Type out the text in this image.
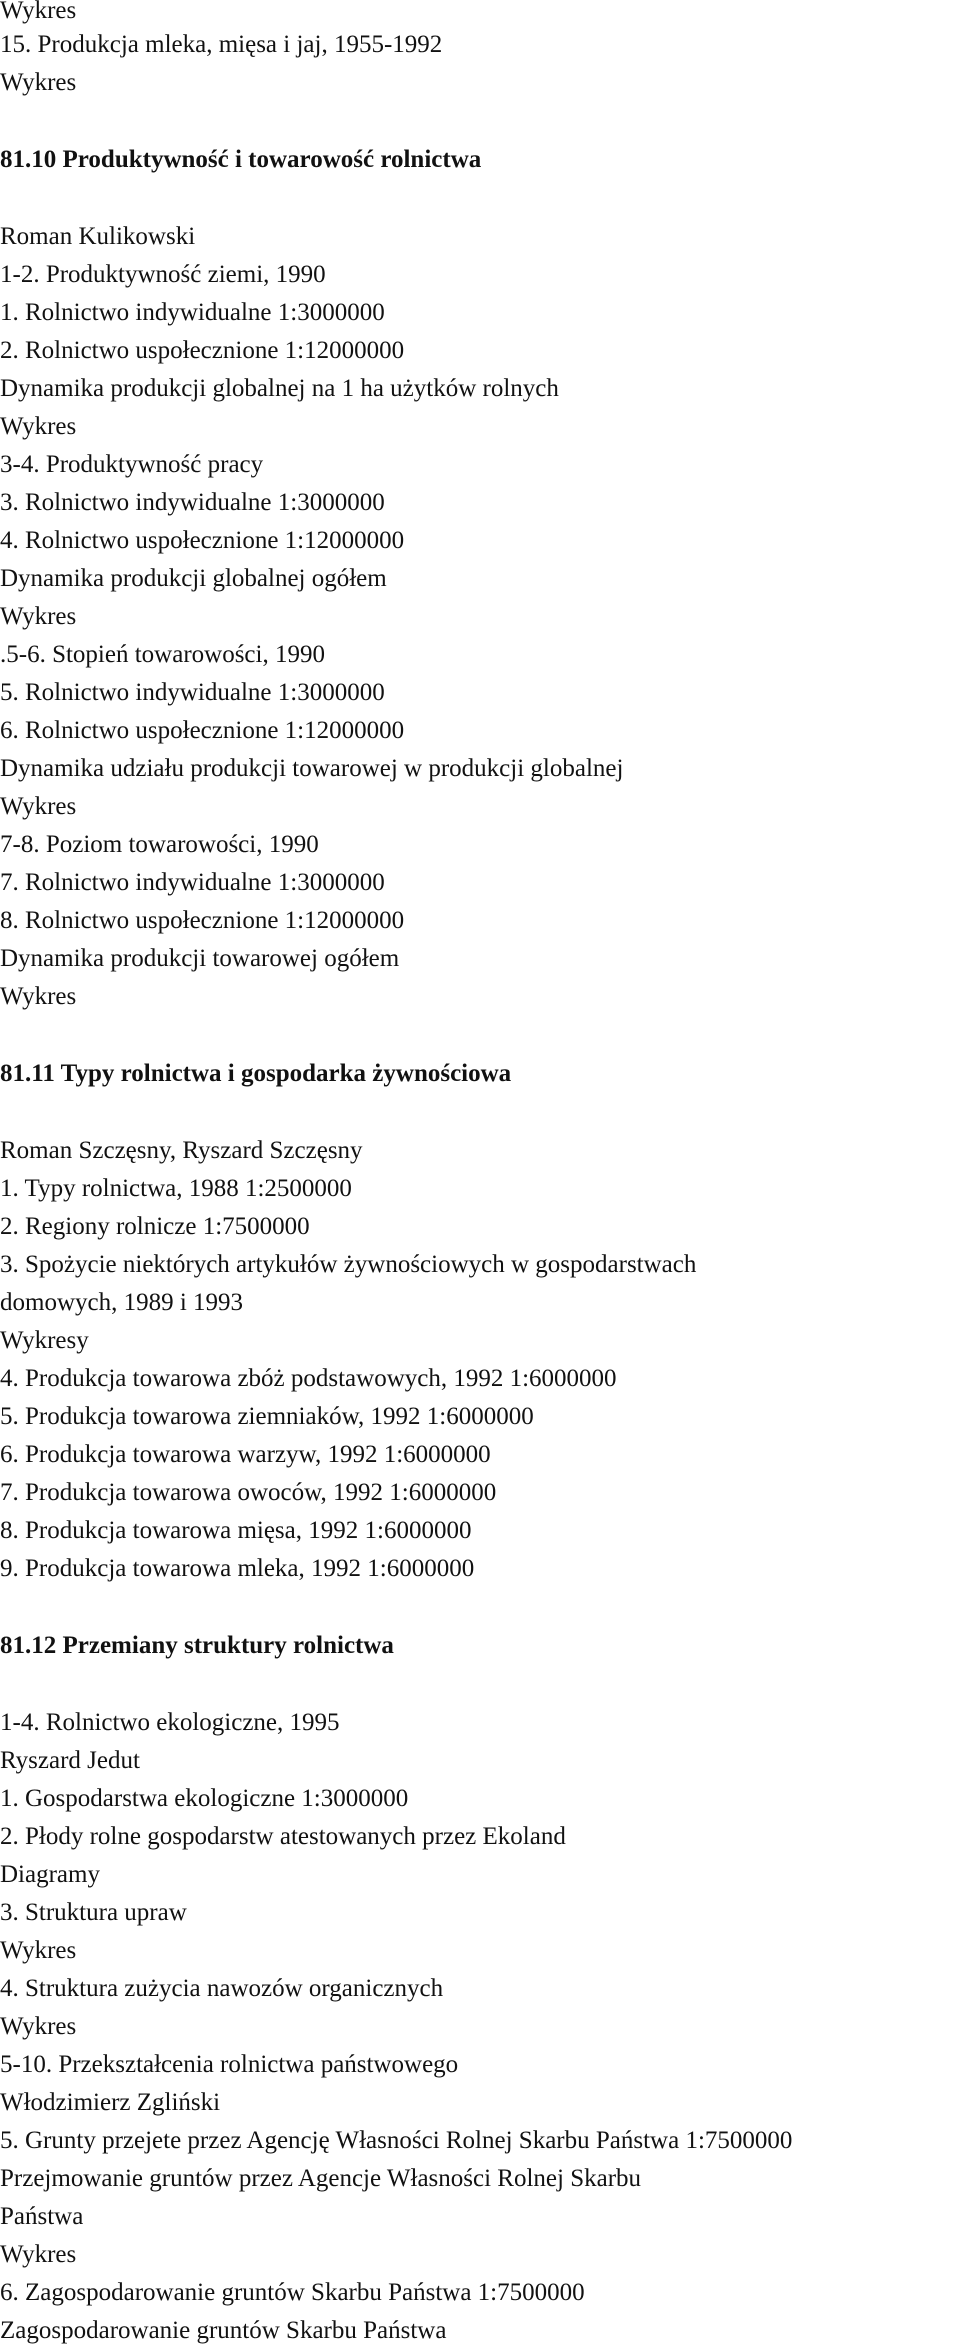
Wykres
15. Produkcja mleka, mięsa i jaj, 1955-1992
Wykres
81.10 Produktywność i towarowość rolnictwa
Roman Kulikowski
1-2. Produktywność ziemi, 1990
1. Rolnictwo indywidualne 1:3000000
2. Rolnictwo uspołecznione 1:12000000
Dynamika produkcji globalnej na 1 ha użytków rolnych
Wykres
3-4. Produktywność pracy
3. Rolnictwo indywidualne 1:3000000
4. Rolnictwo uspołecznione 1:12000000
Dynamika produkcji globalnej ogółem
Wykres
.5-6. Stopień towarowości, 1990
5. Rolnictwo indywidualne 1:3000000
6. Rolnictwo uspołecznione 1:12000000
Dynamika udziału produkcji towarowej w produkcji globalnej
Wykres
7-8. Poziom towarowości, 1990
7. Rolnictwo indywidualne 1:3000000
8. Rolnictwo uspołecznione 1:12000000
Dynamika produkcji towarowej ogółem
Wykres
81.11 Typy rolnictwa i gospodarka żywnościowa
Roman Szczęsny, Ryszard Szczęsny
1. Typy rolnictwa, 1988 1:2500000
2. Regiony rolnicze 1:7500000
3. Spożycie niektórych artykułów żywnościowych w gospodarstwach
domowych, 1989 i 1993
Wykresy
4. Produkcja towarowa zbóż podstawowych, 1992 1:6000000
5. Produkcja towarowa ziemniaków, 1992 1:6000000
6. Produkcja towarowa warzyw, 1992 1:6000000
7. Produkcja towarowa owoców, 1992 1:6000000
8. Produkcja towarowa mięsa, 1992 1:6000000
9. Produkcja towarowa mleka, 1992 1:6000000
81.12 Przemiany struktury rolnictwa
1-4. Rolnictwo ekologiczne, 1995
Ryszard Jedut
1. Gospodarstwa ekologiczne 1:3000000
2. Płody rolne gospodarstw atestowanych przez Ekoland
Diagramy
3. Struktura upraw
Wykres
4. Struktura zużycia nawozów organicznych
Wykres
5-10. Przekształcenia rolnictwa państwowego
Włodzimierz Zgliński
5. Grunty przejete przez Agencję Własności Rolnej Skarbu Państwa 1:7500000
Przejmowanie gruntów przez Agencje Własności Rolnej Skarbu
Państwa
Wykres
6. Zagospodarowanie gruntów Skarbu Państwa 1:7500000
Zagospodarowanie gruntów Skarbu Państwa
